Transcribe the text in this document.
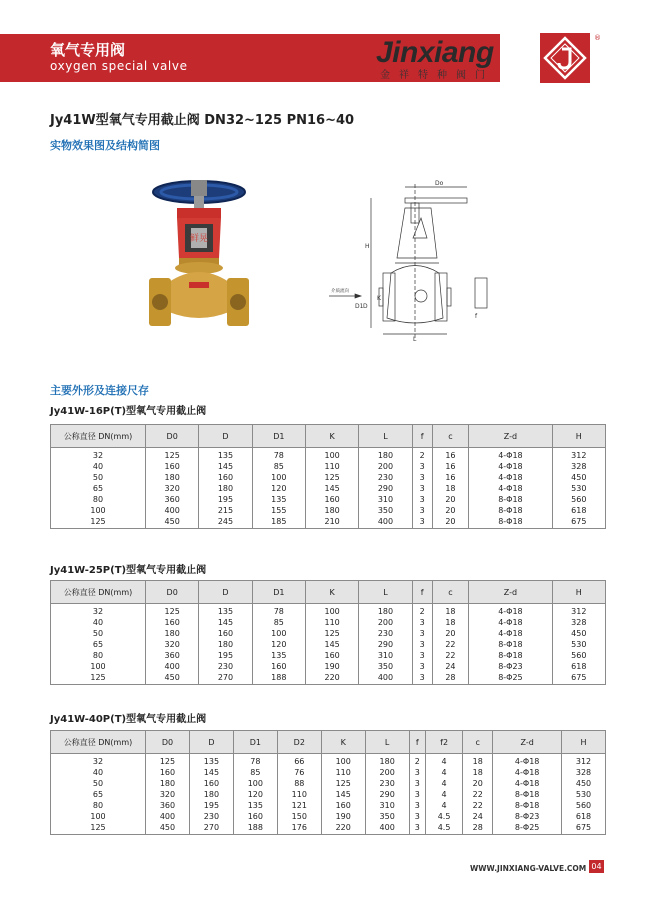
氧气专用阀
oxygen special valve	Jinxiang
金祥特种阀门
®
Jy41W型氧气专用截止阀 DN32~125 PN16~40
实物效果图及结构简图
鲜晃
Do
H
介质流向
K
D1 D
f
L
主要外形及连接尺存
Jy41W-16P(T)型氧气专用截止阀
公称直径 DN(mm)	D0	D	D1	K	L	f	c	Z-d	H
32	125	135	78	100	180	2	16	4-Φ18	312
40	160	145	85	110	200	3	16	4-Φ18	328
50	180	160	100	125	230	3	16	4-Φ18	450
65	320	180	120	145	290	3	18	4-Φ18	530
80	360	195	135	160	310	3	20	8-Φ18	560
100	400	215	155	180	350	3	20	8-Φ18	618
125	450	245	185	210	400	3	20	8-Φ18	675
Jy41W-25P(T)型氧气专用截止阀
公称直径 DN(mm)	D0	D	D1	K	L	f	c	Z-d	H
32	125	135	78	100	180	2	18	4-Φ18	312
40	160	145	85	110	200	3	18	4-Φ18	328
50	180	160	100	125	230	3	20	4-Φ18	450
65	320	180	120	145	290	3	22	8-Φ18	530
80	360	195	135	160	310	3	22	8-Φ18	560
100	400	230	160	190	350	3	24	8-Φ23	618
125	450	270	188	220	400	3	28	8-Φ25	675
Jy41W-40P(T)型氧气专用截止阀
公称直径 DN(mm)	D0	D	D1	D2	K	L	f	f2	c	Z-d	H
32	125	135	78	66	100	180	2	4	18	4-Φ18	312
40	160	145	85	76	110	200	3	4	18	4-Φ18	328
50	180	160	100	88	125	230	3	4	20	4-Φ18	450
65	320	180	120	110	145	290	3	4	22	8-Φ18	530
80	360	195	135	121	160	310	3	4	22	8-Φ18	560
100	400	230	160	150	190	350	3	4.5	24	8-Φ23	618
125	450	270	188	176	220	400	3	4.5	28	8-Φ25	675
WWW.JINXIANG-VALVE.COM 04
